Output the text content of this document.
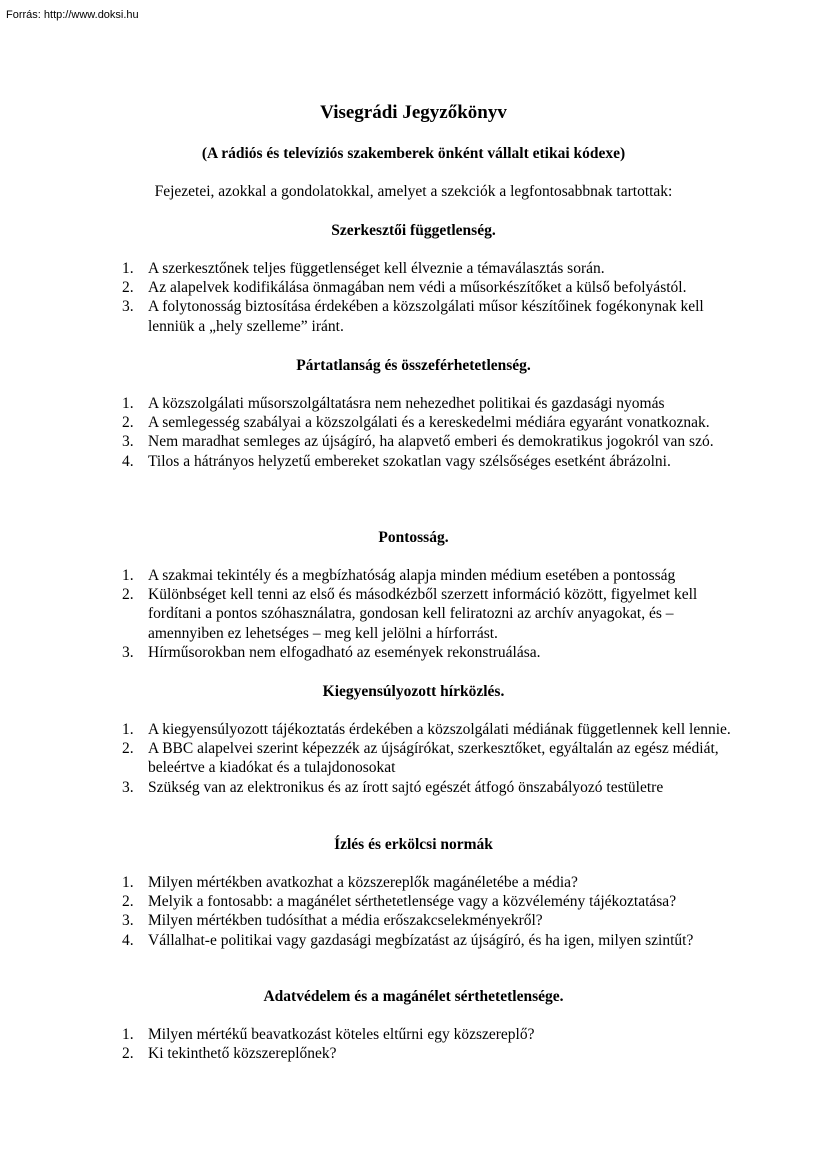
Forrás: http://www.doksi.hu
Visegrádi Jegyzőkönyv
(A rádiós és televíziós szakemberek önként vállalt etikai kódexe)
Fejezetei, azokkal a gondolatokkal, amelyet a szekciók a legfontosabbnak tartottak:
Szerkesztői függetlenség.
1. A szerkesztőnek teljes függetlenséget kell élveznie a témaválasztás során.
2. Az alapelvek kodifikálása önmagában nem védi a műsorkészítőket a külső befolyástól.
3. A folytonosság biztosítása érdekében a közszolgálati műsor készítőinek fogékonynak kell lenniük a „hely szelleme” iránt.
Pártatlanság és összeférhetetlenség.
1. A közszolgálati műsorszolgáltatásra nem nehezedhet politikai és gazdasági nyomás
2. A semlegesség szabályai a közszolgálati és a kereskedelmi médiára egyaránt vonatkoznak.
3. Nem maradhat semleges az újságíró, ha alapvető emberi és demokratikus jogokról van szó.
4. Tilos a hátrányos helyzetű embereket szokatlan vagy szélsőséges esetként ábrázolni.
Pontosság.
1. A szakmai tekintély és a megbízhatóság alapja minden médium esetében a pontosság
2. Különbséget kell tenni az első és másodkézből szerzett információ között, figyelmet kell fordítani a pontos szóhasználatra, gondosan kell feliratozni az archív anyagokat, és – amennyiben ez lehetséges – meg kell jelölni a hírforrást.
3. Hírműsorokban nem elfogadható az események rekonstruálása.
Kiegyensúlyozott hírközlés.
1. A kiegyensúlyozott tájékoztatás érdekében a közszolgálati médiának függetlennek kell lennie.
2. A BBC alapelvei szerint képezzék az újságírókat, szerkesztőket, egyáltalán az egész médiát, beleértve a kiadókat és a tulajdonosokat
3. Szükség van az elektronikus és az írott sajtó egészét átfogó önszabályozó testületre
Ízlés és erkölcsi normák
1. Milyen mértékben avatkozhat a közszereplők magánéletébe a média?
2. Melyik a fontosabb: a magánélet sérthetetlensége vagy a közvélemény tájékoztatása?
3. Milyen mértékben tudósíthat a média erőszakcselekményekről?
4. Vállalhat-e politikai vagy gazdasági megbízatást az újságíró, és ha igen, milyen szintűt?
Adatvédelem és a magánélet sérthetetlensége.
1. Milyen mértékű beavatkozást köteles eltűrni egy közszereplő?
2. Ki tekinthető közszereplőnek?
